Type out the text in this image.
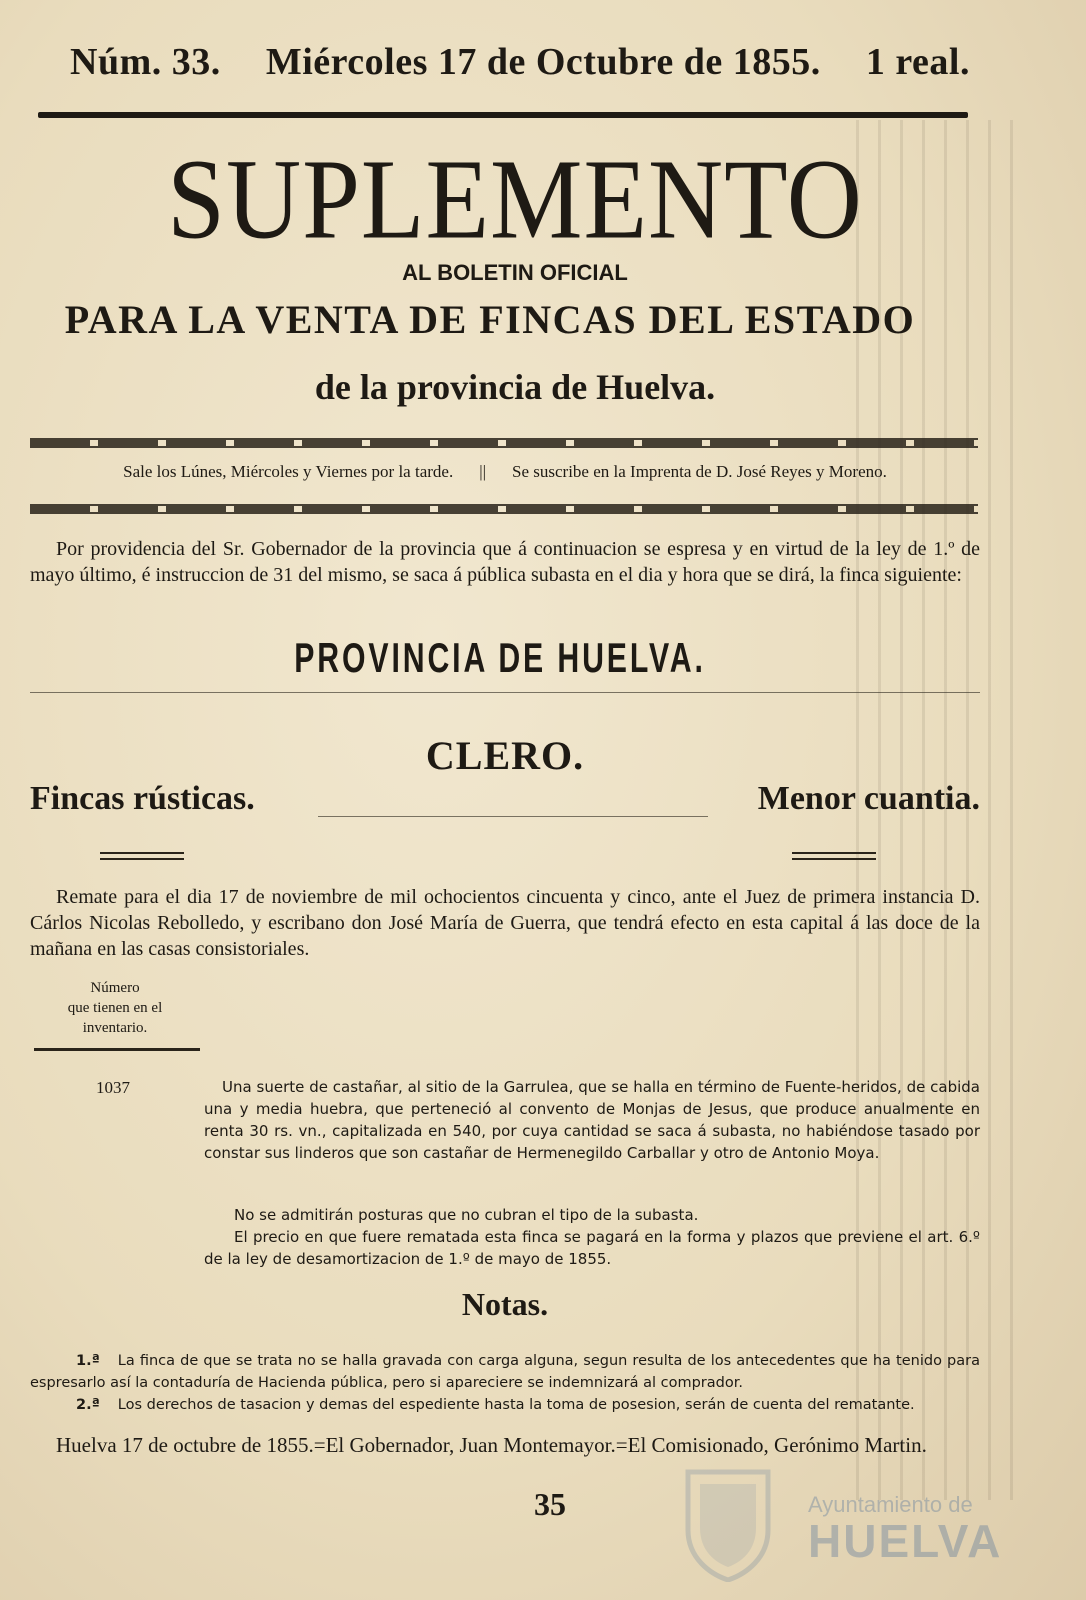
Núm. 33. Miércoles 17 de Octubre de 1855. 1 real.
SUPLEMENTO
AL BOLETIN OFICIAL
PARA LA VENTA DE FINCAS DEL ESTADO
de la provincia de Huelva.
Sale los Lúnes, Miércoles y Viernes por la tarde. || Se suscribe en la Imprenta de D. José Reyes y Moreno.
Por providencia del Sr. Gobernador de la provincia que á continuacion se espresa y en virtud de la ley de 1.º de mayo último, é instruccion de 31 del mismo, se saca á pública subasta en el dia y hora que se dirá, la finca siguiente:
PROVINCIA DE HUELVA.
CLERO.
Fincas rústicas.	Menor cuantia.
Remate para el dia 17 de noviembre de mil ochocientos cincuenta y cinco, ante el Juez de primera instancia D. Cárlos Nicolas Rebolledo, y escribano don José María de Guerra, que tendrá efecto en esta capital á las doce de la mañana en las casas consistoriales.
Número
que tienen en el
inventario.
1037	Una suerte de castañar, al sitio de la Garrulea, que se halla en término de Fuente-heridos, de cabida una y media huebra, que perteneció al convento de Monjas de Jesus, que produce anualmente en renta 30 rs. vn., capitalizada en 540, por cuya cantidad se saca á subasta, no habiéndose tasado por constar sus linderos que son castañar de Hermenegildo Carballar y otro de Antonio Moya.
No se admitirán posturas que no cubran el tipo de la subasta.
El precio en que fuere rematada esta finca se pagará en la forma y plazos que previene el art. 6.º de la ley de desamortizacion de 1.º de mayo de 1855.
Notas.
1.ª La finca de que se trata no se halla gravada con carga alguna, segun resulta de los antecedentes que ha tenido para espresarlo así la contaduría de Hacienda pública, pero si apareciere se indemnizará al comprador.
2.ª Los derechos de tasacion y demas del espediente hasta la toma de posesion, serán de cuenta del rematante.
Huelva 17 de octubre de 1855.=El Gobernador, Juan Montemayor.=El Comisionado, Gerónimo Martin.
35	Ayuntamiento de
HUELVA
